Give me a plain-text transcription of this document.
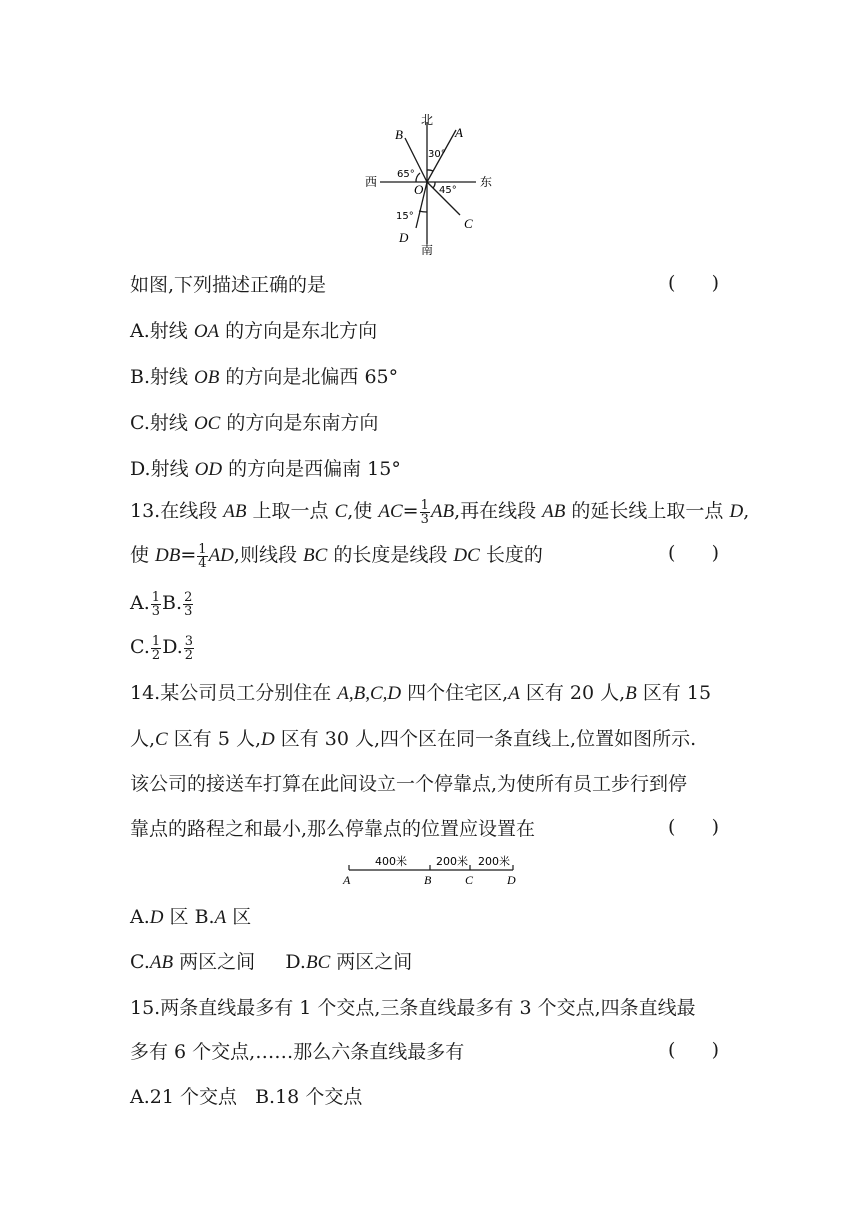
北
南
东
西	O
A
B
C
D
30°
65°
45°
15°
如图,下列描述正确的是	(      )
A.射线 OA 的方向是东北方向
B.射线 OB 的方向是北偏西 65°
C.射线 OC 的方向是东南方向
D.射线 OD 的方向是西偏南 15°
13.在线段 AB 上取一点 C,使 $AC= \frac{1}{3}$ AB,再在线段 AB 的延长线上取一点 D,
使 $DB= \frac{1}{4}$ AD,则线段 BC 的长度是线段 DC 长度的	(      )
A. $\frac{1}{3} B$. $\frac{2}{3}$
C. $\frac{1}{2} D$. $\frac{3}{2}$
14.某公司员工分别住在 A,B,C,D 四个住宅区,A 区有 20 人,B 区有 15
人,C 区有 5 人,D 区有 30 人,四个区在同一条直线上,位置如图所示.
该公司的接送车打算在此间设立一个停靠点,为使所有员工步行到停
靠点的路程之和最小,那么停靠点的位置应设置在	(      )
400米	200米 200米
A	B	C	D
A.D 区 B.A 区
C.AB 两区之间     D.BC 两区之间
15.两条直线最多有 1 个交点,三条直线最多有 3 个交点,四条直线最
多有 6 个交点,……那么六条直线最多有	(      )
A.21 个交点   B.18 个交点
